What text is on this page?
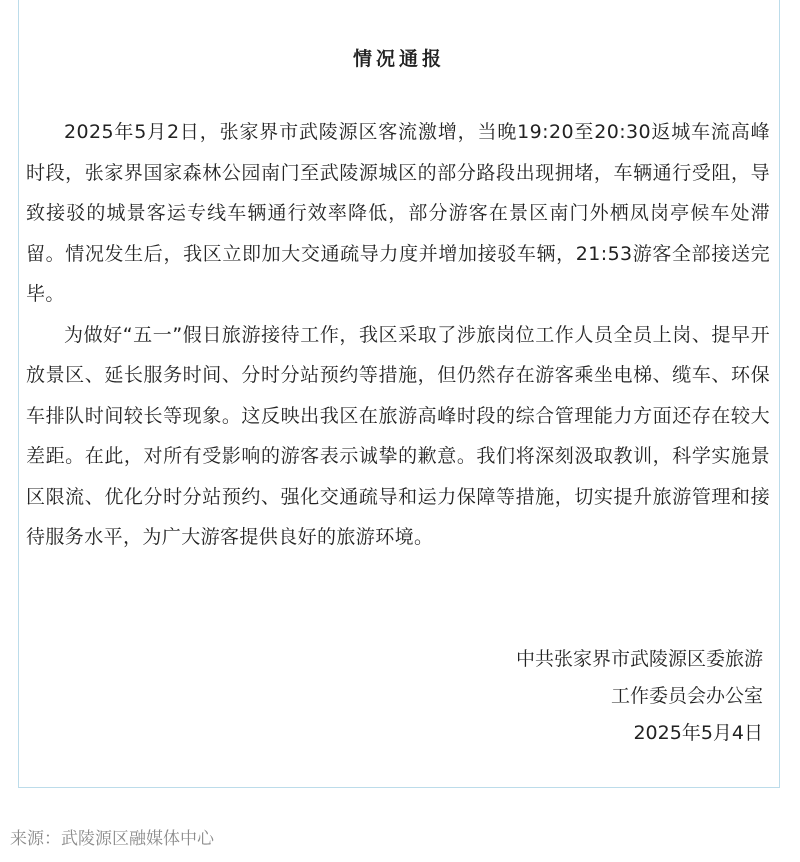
情况通报

2025年5月2日，张家界市武陵源区客流激增，当晚19:20至20:30返城车流高峰时段，张家界国家森林公园南门至武陵源城区的部分路段出现拥堵，车辆通行受阻，导致接驳的城景客运专线车辆通行效率降低，部分游客在景区南门外栖凤岗亭候车处滞留。情况发生后，我区立即加大交通疏导力度并增加接驳车辆，21:53游客全部接送完毕。

为做好“五一”假日旅游接待工作，我区采取了涉旅岗位工作人员全员上岗、提早开放景区、延长服务时间、分时分站预约等措施，但仍然存在游客乘坐电梯、缆车、环保车排队时间较长等现象。这反映出我区在旅游高峰时段的综合管理能力方面还存在较大差距。在此，对所有受影响的游客表示诚挚的歉意。我们将深刻汲取教训，科学实施景区限流、优化分时分站预约、强化交通疏导和运力保障等措施，切实提升旅游管理和接待服务水平，为广大游客提供良好的旅游环境。

中共张家界市武陵源区委旅游
工作委员会办公室
2025年5月4日
来源：武陵源区融媒体中心
